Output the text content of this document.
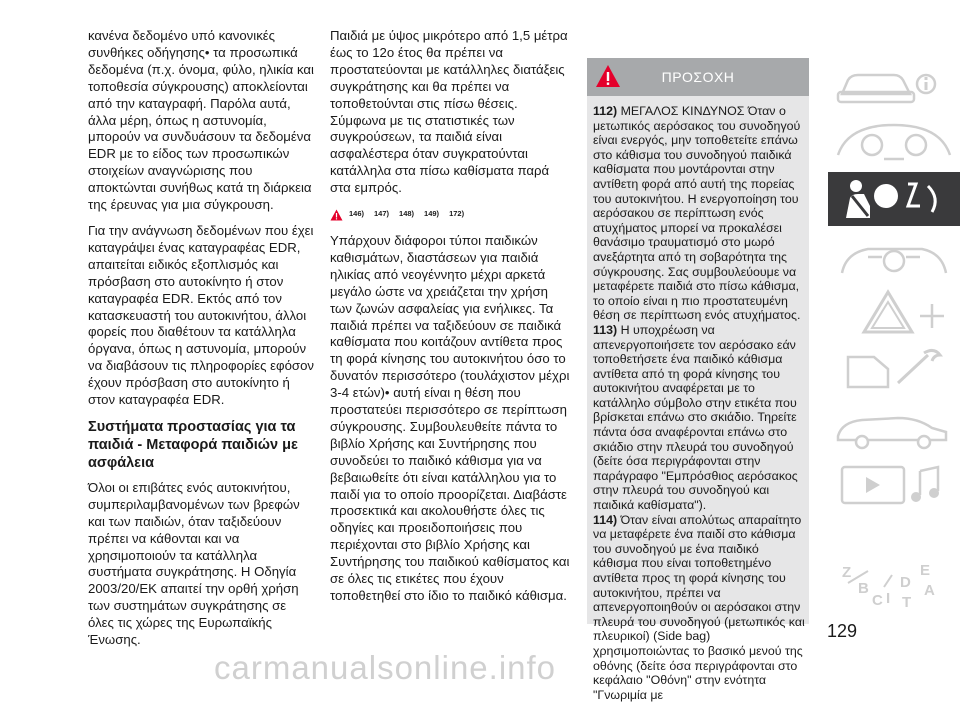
κανένα δεδομένο υπό κανονικές συνθήκες οδήγησης• τα προσωπικά δεδομένα (π.χ. όνομα, φύλο, ηλικία και τοποθεσία σύγκρουσης) αποκλείονται από την καταγραφή. Παρόλα αυτά, άλλα μέρη, όπως η αστυνομία, μπορούν να συνδυάσουν τα δεδομένα EDR με το είδος των προσωπικών στοιχείων αναγνώρισης που αποκτώνται συνήθως κατά τη διάρκεια της έρευνας για μια σύγκρουση.

Για την ανάγνωση δεδομένων που έχει καταγράψει ένας καταγραφέας EDR, απαιτείται ειδικός εξοπλισμός και πρόσβαση στο αυτοκίνητο ή στον καταγραφέα EDR. Εκτός από τον κατασκευαστή του αυτοκινήτου, άλλοι φορείς που διαθέτουν τα κατάλληλα όργανα, όπως η αστυνομία, μπορούν να διαβάσουν τις πληροφορίες εφόσον έχουν πρόσβαση στο αυτοκίνητο ή στον καταγραφέα EDR.

Συστήματα προστασίας για τα παιδιά - Μεταφορά παιδιών με ασφάλεια

Όλοι οι επιβάτες ενός αυτοκινήτου, συμπεριλαμβανομένων των βρεφών και των παιδιών, όταν ταξιδεύουν πρέπει να κάθονται και να χρησιμοποιούν τα κατάλληλα συστήματα συγκράτησης. Η Οδηγία 2003/20/ΕΚ απαιτεί την ορθή χρήση των συστημάτων συγκράτησης σε όλες τις χώρες της Ευρωπαϊκής Ένωσης.

Παιδιά με ύψος μικρότερο από 1,5 μέτρα έως το 12ο έτος θα πρέπει να προστατεύονται με κατάλληλες διατάξεις συγκράτησης και θα πρέπει να τοποθετούνται στις πίσω θέσεις. Σύμφωνα με τις στατιστικές των συγκρούσεων, τα παιδιά είναι ασφαλέστερα όταν συγκρατούνται κατάλληλα στα πίσω καθίσματα παρά στα εμπρός.

146) 147) 148) 149) 172)

Υπάρχουν διάφοροι τύποι παιδικών καθισμάτων, διαστάσεων για παιδιά ηλικίας από νεογέννητο μέχρι αρκετά μεγάλο ώστε να χρειάζεται την χρήση των ζωνών ασφαλείας για ενήλικες. Τα παιδιά πρέπει να ταξιδεύουν σε παιδικά καθίσματα που κοιτάζουν αντίθετα προς τη φορά κίνησης του αυτοκινήτου όσο το δυνατόν περισσότερο (τουλάχιστον μέχρι 3-4 ετών)• αυτή είναι η θέση που προστατεύει περισσότερο σε περίπτωση σύγκρουσης. Συμβουλευθείτε πάντα το βιβλίο Χρήσης και Συντήρησης που συνοδεύει το παιδικό κάθισμα για να βεβαιωθείτε ότι είναι κατάλληλου για το παιδί για το οποίο προορίζεται. Διαβάστε προσεκτικά και ακολουθήστε όλες τις οδηγίες και προειδοποιήσεις που περιέχονται στο βιβλίο Χρήσης και Συντήρησης του παιδικού καθίσματος και σε όλες τις ετικέτες που έχουν τοποθετηθεί στο ίδιο το παιδικό κάθισμα.

ΠΡΟΣΟΧΗ

112) ΜΕΓΑΛΟΣ ΚΙΝΔΥΝΟΣ Όταν ο μετωπικός αερόσακος του συνοδηγού είναι ενεργός, μην τοποθετείτε επάνω στο κάθισμα του συνοδηγού παιδικά καθίσματα που μοντάρονται στην αντίθετη φορά από αυτή της πορείας του αυτοκινήτου. Η ενεργοποίηση του αερόσακου σε περίπτωση ενός ατυχήματος μπορεί να προκαλέσει θανάσιμο τραυματισμό στο μωρό ανεξάρτητα από τη σοβαρότητα της σύγκρουσης. Σας συμβουλεύουμε να μεταφέρετε παιδιά στο πίσω κάθισμα, το οποίο είναι η πιο προστατευμένη θέση σε περίπτωση ενός ατυχήματος.

113) Η υποχρέωση να απενεργοποιήσετε τον αερόσακο εάν τοποθετήσετε ένα παιδικό κάθισμα αντίθετα από τη φορά κίνησης του αυτοκινήτου αναφέρεται με το κατάλληλο σύμβολο στην ετικέτα που βρίσκεται επάνω στο σκιάδιο. Τηρείτε πάντα όσα αναφέρονται επάνω στο σκιάδιο στην πλευρά του συνοδηγού (δείτε όσα περιγράφονται στην παράγραφο "Εμπρόσθιος αερόσακος στην πλευρά του συνοδηγού και παιδικά καθίσματα").

114) Όταν είναι απολύτως απαραίτητο να μεταφέρετε ένα παιδί στο κάθισμα του συνοδηγού με ένα παιδικό κάθισμα που είναι τοποθετημένο αντίθετα προς τη φορά κίνησης του αυτοκινήτου, πρέπει να απενεργοποιηθούν οι αερόσακοι στην πλευρά του συνοδηγού (μετωπικός και πλευρικοί) (Side bag) χρησιμοποιώντας το βασικό μενού της οθόνης (δείτε όσα περιγράφονται στο κεφάλαιο "Οθόνη" στην ενότητα "Γνωριμία με

Z
B
C I
D
T
E
A
129
carmanualsonline.info
